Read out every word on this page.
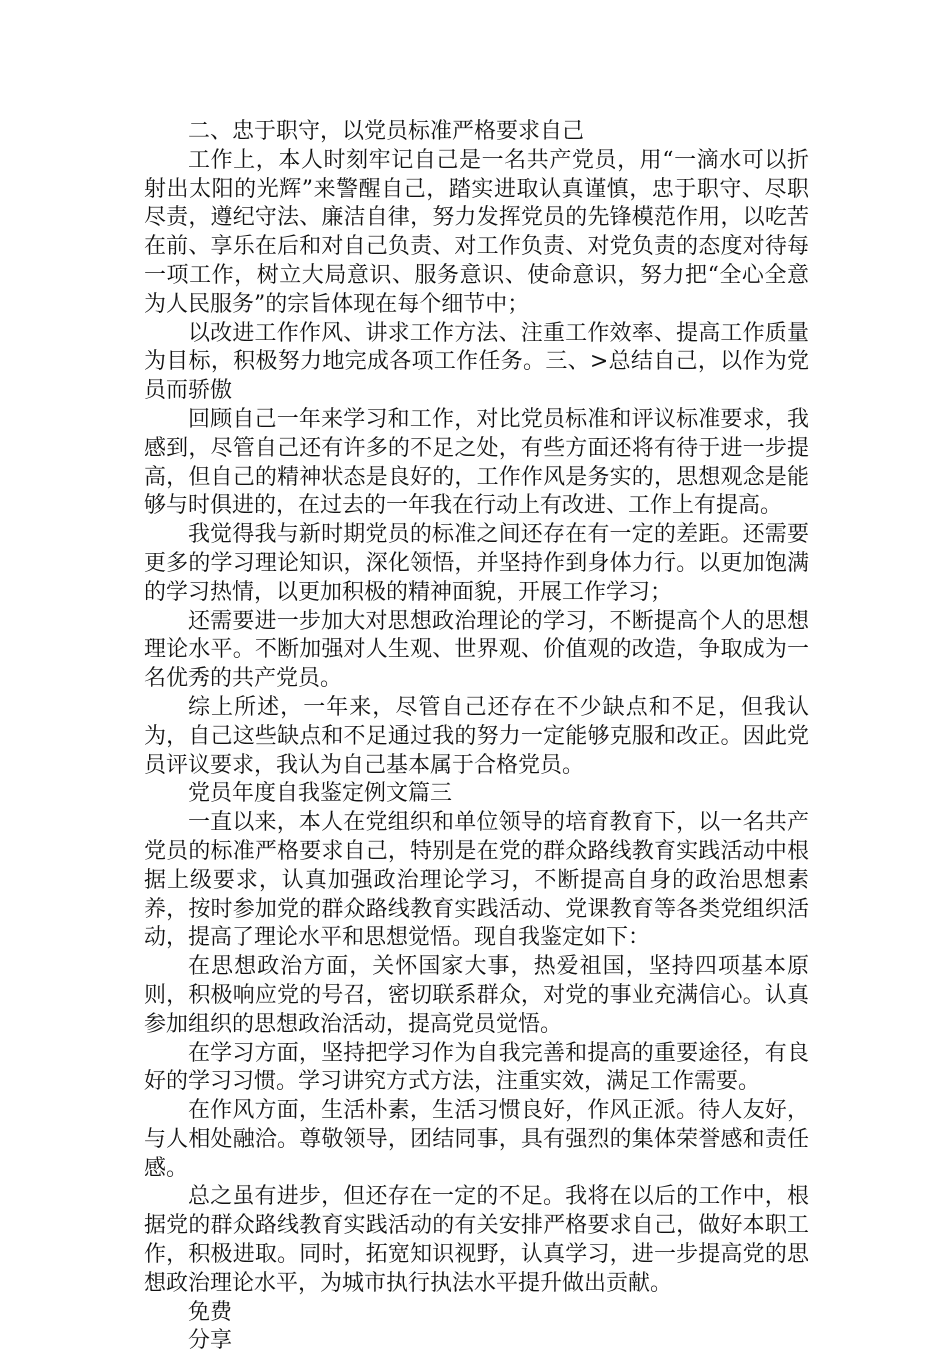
二、忠于职守，以党员标准严格要求自己

工作上，本人时刻牢记自己是一名共产党员，用“一滴水可以折射出太阳的光辉”来警醒自己，踏实进取认真谨慎，忠于职守、尽职尽责，遵纪守法、廉洁自律，努力发挥党员的先锋模范作用，以吃苦在前、享乐在后和对自己负责、对工作负责、对党负责的态度对待每一项工作，树立大局意识、服务意识、使命意识，努力把“全心全意为人民服务”的宗旨体现在每个细节中；

以改进工作作风、讲求工作方法、注重工作效率、提高工作质量为目标，积极努力地完成各项工作任务。三、>总结自己，以作为党员而骄傲

回顾自己一年来学习和工作，对比党员标准和评议标准要求，我感到，尽管自己还有许多的不足之处，有些方面还将有待于进一步提高，但自己的精神状态是良好的，工作作风是务实的，思想观念是能够与时俱进的，在过去的一年我在行动上有改进、工作上有提高。

我觉得我与新时期党员的标准之间还存在有一定的差距。还需要更多的学习理论知识，深化领悟，并坚持作到身体力行。以更加饱满的学习热情，以更加积极的精神面貌，开展工作学习；

还需要进一步加大对思想政治理论的学习，不断提高个人的思想理论水平。不断加强对人生观、世界观、价值观的改造，争取成为一名优秀的共产党员。

综上所述，一年来，尽管自己还存在不少缺点和不足，但我认为，自己这些缺点和不足通过我的努力一定能够克服和改正。因此党员评议要求，我认为自己基本属于合格党员。

党员年度自我鉴定例文篇三

一直以来，本人在党组织和单位领导的培育教育下，以一名共产党员的标准严格要求自己，特别是在党的群众路线教育实践活动中根据上级要求，认真加强政治理论学习，不断提高自身的政治思想素养，按时参加党的群众路线教育实践活动、党课教育等各类党组织活动，提高了理论水平和思想觉悟。现自我鉴定如下：

在思想政治方面，关怀国家大事，热爱祖国，坚持四项基本原则，积极响应党的号召，密切联系群众，对党的事业充满信心。认真参加组织的思想政治活动，提高党员觉悟。

在学习方面，坚持把学习作为自我完善和提高的重要途径，有良好的学习习惯。学习讲究方式方法，注重实效，满足工作需要。

在作风方面，生活朴素，生活习惯良好，作风正派。待人友好，与人相处融洽。尊敬领导，团结同事，具有强烈的集体荣誉感和责任感。

总之虽有进步，但还存在一定的不足。我将在以后的工作中，根据党的群众路线教育实践活动的有关安排严格要求自己，做好本职工作，积极进取。同时，拓宽知识视野，认真学习，进一步提高党的思想政治理论水平，为城市执行执法水平提升做出贡献。

免费

分享
